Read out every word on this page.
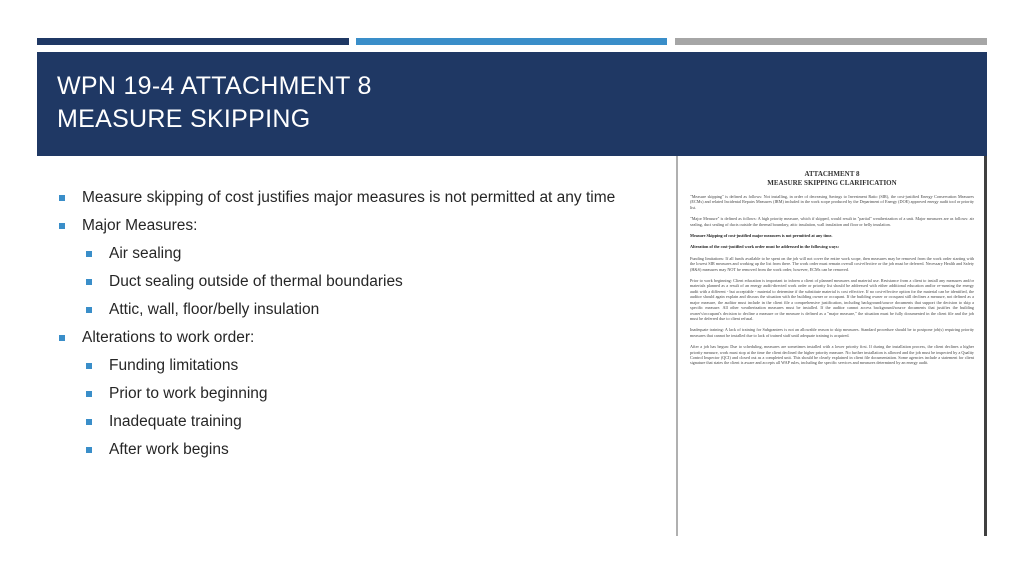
WPN 19-4 ATTACHMENT 8
MEASURE SKIPPING
Measure skipping of cost justifies major measures is not permitted at any time
Major Measures:
Air sealing
Duct sealing outside of thermal boundaries
Attic, wall, floor/belly insulation
Alterations to work order:
Funding limitations
Prior to work beginning
Inadequate training
After work begins
ATTACHMENT 8
MEASURE SKIPPING CLARIFICATION
"Measure skipping" is defined as follows: Not installing, in order of decreasing Savings to Investment Ratio (SIR), the cost-justified Energy Conservation Measures (ECMs) and related Incidental Repairs Measures (IRM) included in the work scope produced by the Department of Energy (DOE) approved energy audit tool or priority list.
"Major Measure" is defined as follows: A high priority measure, which if skipped, would result in "partial" weatherization of a unit. Major measures are as follows: air sealing, duct sealing of ducts outside the thermal boundary, attic insulation, wall insulation and floor or belly insulation.
Measure Skipping of cost-justified major measures is not permitted at any time.
Alteration of the cost-justified work order must be addressed in the following ways:
Funding limitations: If all funds available to be spent on the job will not cover the entire work scope, then measures may be removed from the work order starting with the lowest SIR measures and working up the list from there. The work order must remain overall cost-effective or the job must be deferred. Necessary Health and Safety (H&S) measures may NOT be removed from the work order, however, ECMs can be removed.
Prior to work beginning: Client education is important to inform a client of planned measures and material use. Resistance from a client to install any measures and/or materials planned as a result of an energy audit-directed work order or priority list should be addressed with either additional education and/or re-running the energy audit with a different - but acceptable - material to determine if the substitute material is cost effective. If no cost-effective option for the material can be identified, the auditor should again explain and discuss the situation with the building owner or occupant. If the building owner or occupant still declines a measure, not defined as a major measure, the auditor must include in the client file a comprehensive justification, including background/source documents that support the decision to skip a specific measure. All other weatherization measures must be installed. If the auditor cannot access background/source documents that justifies the building owner's/occupant's decision to decline a measure or the measure is defined as a "major measure," the situation must be fully documented in the client file and the job must be deferred due to client refusal.
Inadequate training: A lack of training for Subgrantees is not an allowable reason to skip measures. Standard procedure should be to postpone job(s) requiring priority measures that cannot be installed due to lack of trained staff until adequate training is acquired.
After a job has begun: Due to scheduling, measures are sometimes installed with a lower priority first. If during the installation process, the client declines a higher priority measure, work must stop at the time the client declined the higher priority measure. No further installation is allowed and the job must be inspected by a Quality Control Inspector (QCI) and closed out as a completed unit. This should be clearly explained in client file documentation. Some agencies include a statement for client signature that states the client is aware and accepts all WAP rules, including the specific services and measures determined by an energy audit.
